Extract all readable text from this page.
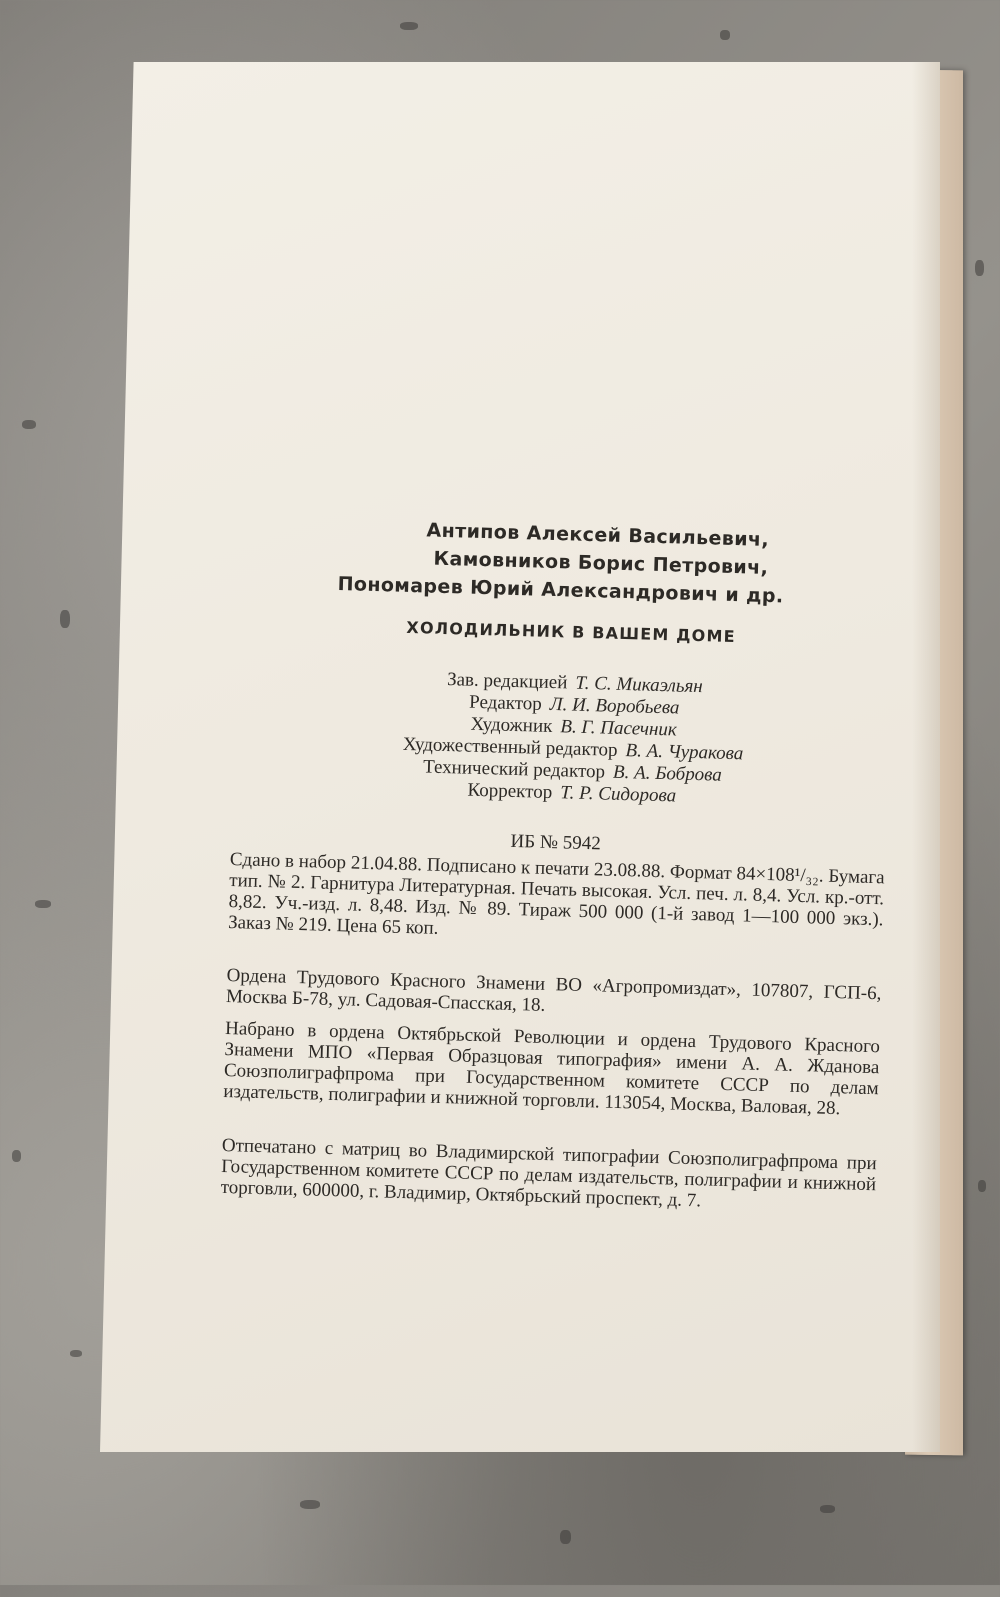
Антипов Алексей Васильевич,
Камовников Борис Петрович,
Пономарев Юрий Александрович и др.
ХОЛОДИЛЬНИК В ВАШЕМ ДОМЕ
Зав. редакцией Т. С. Микаэльян
Редактор Л. И. Воробьева
Художник В. Г. Пасечник
Художественный редактор В. А. Чуракова
Технический редактор В. А. Боброва
Корректор Т. Р. Сидорова
ИБ № 5942
Сдано в набор 21.04.88. Подписано к печати 23.08.88. Формат 84×108¹/₃₂. Бумага тип. № 2. Гарнитура Литературная. Печать высокая. Усл. печ. л. 8,4. Усл. кр.-отт. 8,82. Уч.-изд. л. 8,48. Изд. № 89. Тираж 500 000 (1-й завод 1—100 000 экз.). Заказ № 219. Цена 65 коп.
Ордена Трудового Красного Знамени ВО «Агропромиздат», 107807, ГСП-6, Москва Б-78, ул. Садовая-Спасская, 18.
Набрано в ордена Октябрьской Революции и ордена Трудового Красного Знамени МПО «Первая Образцовая типография» имени А. А. Жданова Союзполиграфпрома при Государственном комитете СССР по делам издательств, полиграфии и книжной торговли. 113054, Москва, Валовая, 28.
Отпечатано с матриц во Владимирской типографии Союзполиграфпрома при Государственном комитете СССР по делам издательств, полиграфии и книжной торговли, 600000, г. Владимир, Октябрьский проспект, д. 7.
